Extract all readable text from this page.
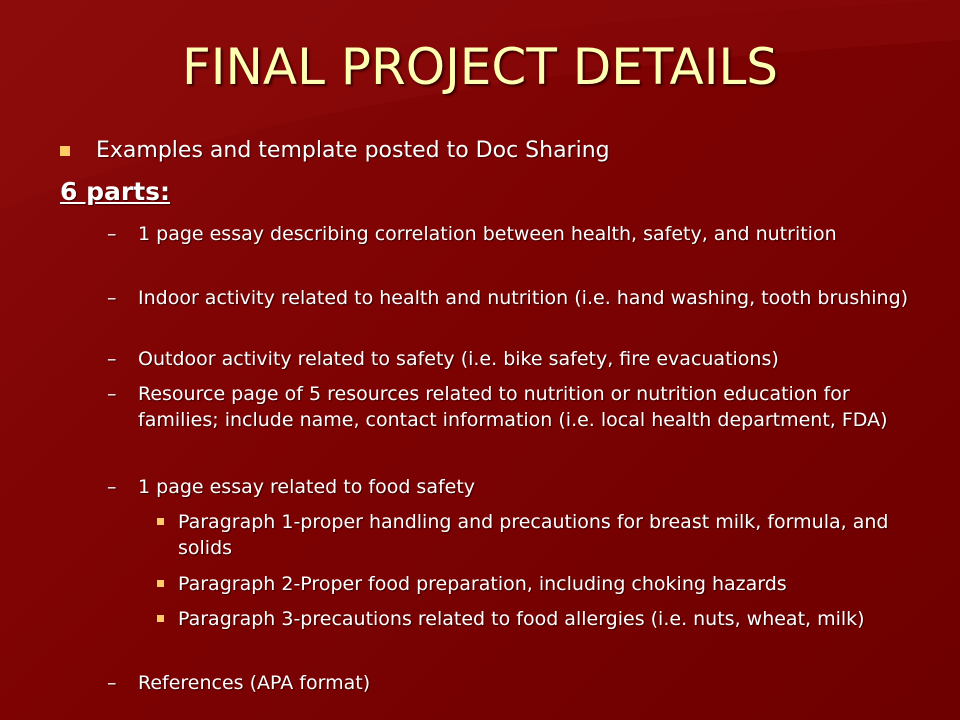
FINAL PROJECT DETAILS
Examples and template posted to Doc Sharing
6 parts:
– 1 page essay describing correlation between health, safety, and nutrition
– Indoor activity related to health and nutrition (i.e. hand washing, tooth brushing)
– Outdoor activity related to safety (i.e. bike safety, fire evacuations)
– Resource page of 5 resources related to nutrition or nutrition education for families; include name, contact information (i.e. local health department, FDA)
– 1 page essay related to food safety
Paragraph 1-proper handling and precautions for breast milk, formula, and solids
Paragraph 2-Proper food preparation, including choking hazards
Paragraph 3-precautions related to food allergies (i.e. nuts, wheat, milk)
– References (APA format)
